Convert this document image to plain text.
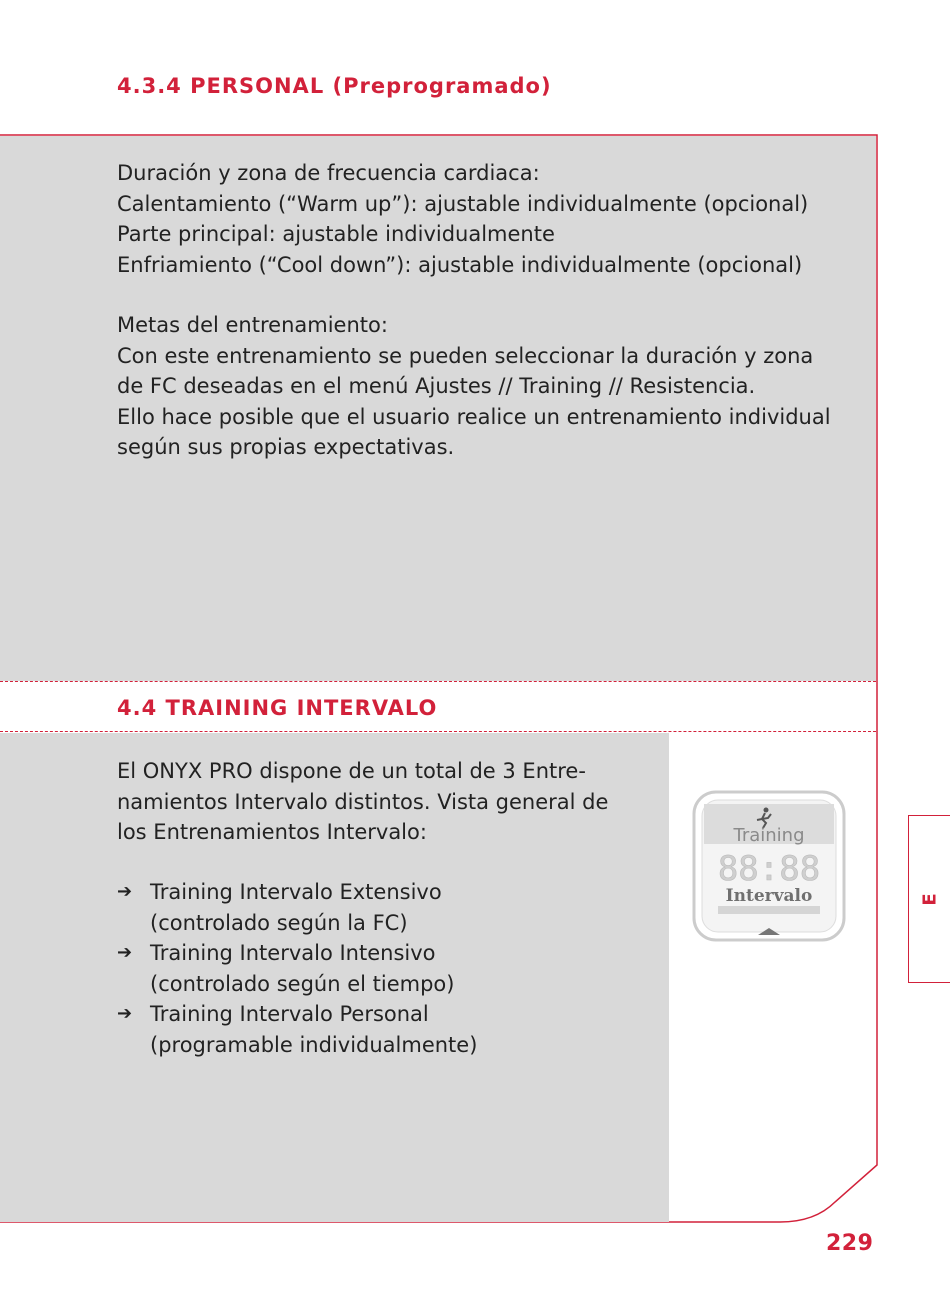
4.3.4 PERSONAL (Preprogramado)
Duración y zona de frecuencia cardiaca:
Calentamiento (“Warm up”): ajustable individualmente (opcional)
Parte principal: ajustable individualmente
Enfriamiento (“Cool down”): ajustable individualmente (opcional)
Metas del entrenamiento:
Con este entrenamiento se pueden seleccionar la duración y zona
de FC deseadas en el menú Ajustes // Training // Resistencia.
Ello hace posible que el usuario realice un entrenamiento individual
según sus propias expectativas.
4.4 TRAINING INTERVALO
El ONYX PRO dispone de un total de 3 Entre-
namientos Intervalo distintos. Vista general de
los Entrenamientos Intervalo:
➔ Training Intervalo Extensivo
(controlado según la FC)
➔ Training Intervalo Intensivo
(controlado según el tiempo)
➔ Training Intervalo Personal
(programable individualmente)
Training
88:88
Intervalo	E
229
